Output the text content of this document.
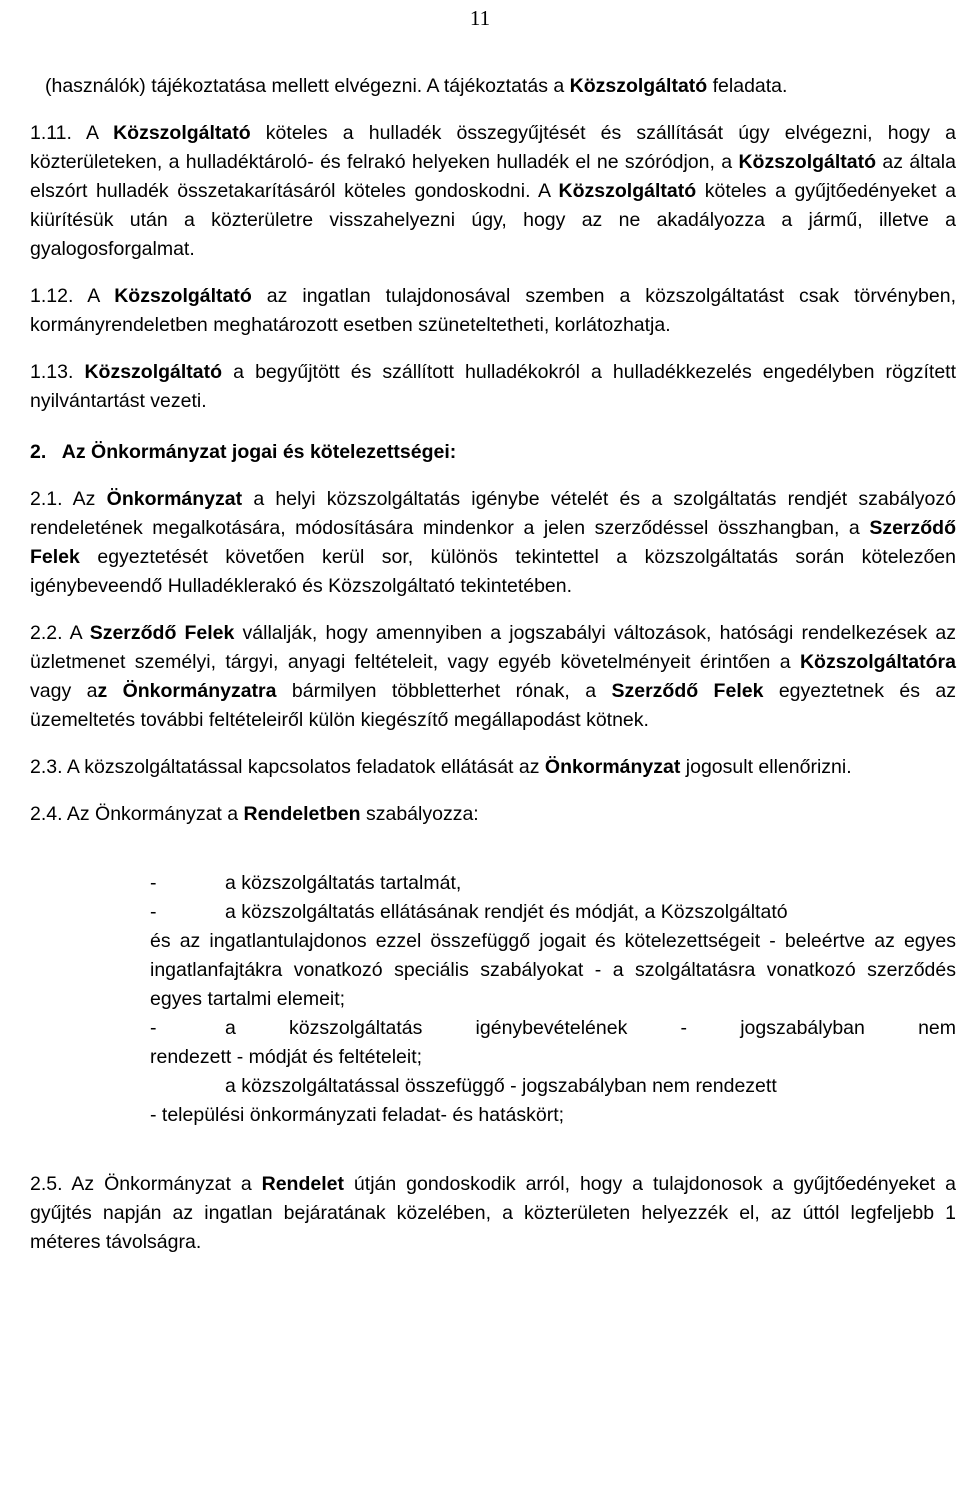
11

(használók) tájékoztatása mellett elvégezni. A tájékoztatás a Közszolgáltató feladata.

1.11. A Közszolgáltató köteles a hulladék összegyűjtését és szállítását úgy elvégezni, hogy a közterületeken, a hulladéktároló- és felrakó helyeken hulladék el ne szóródjon, a Közszolgáltató az általa elszórt hulladék összetakarításáról köteles gondoskodni. A Közszolgáltató köteles a gyűjtőedényeket a kiürítésük után a közterületre visszahelyezni úgy, hogy az ne akadályozza a jármű, illetve a gyalogosforgalmat.

1.12. A Közszolgáltató az ingatlan tulajdonosával szemben a közszolgáltatást csak törvényben, kormányrendeletben meghatározott esetben szüneteltetheti, korlátozhatja.

1.13. Közszolgáltató a begyűjtött és szállított hulladékokról a hulladékkezelés engedélyben rögzített nyilvántartást vezeti.

2.   Az Önkormányzat jogai és kötelezettségei:

2.1. Az Önkormányzat a helyi közszolgáltatás igénybe vételét és a szolgáltatás rendjét szabályozó rendeletének megalkotására, módosítására mindenkor a jelen szerződéssel összhangban, a Szerződő Felek egyeztetését követően kerül sor, különös tekintettel a közszolgáltatás során kötelezően igénybeveendő Hulladéklerakó és Közszolgáltató tekintetében.

2.2. A Szerződő Felek vállalják, hogy amennyiben a jogszabályi változások, hatósági rendelkezések az üzletmenet személyi, tárgyi, anyagi feltételeit, vagy egyéb követelményeit érintően a Közszolgáltatóra vagy az Önkormányzatra bármilyen többletterhet rónak, a Szerződő Felek egyeztetnek és az üzemeltetés további feltételeiről külön kiegészítő megállapodást kötnek.

2.3. A közszolgáltatással kapcsolatos feladatok ellátását az Önkormányzat jogosult ellenőrizni.

2.4. Az Önkormányzat a Rendeletben szabályozza:

-	a közszolgáltatás tartalmát,
-	a közszolgáltatás ellátásának rendjét és módját, a Közszolgáltató

és az ingatlantulajdonos ezzel összefüggő jogait és kötelezettségeit - beleértve az egyes ingatlanfajtákra vonatkozó speciális szabályokat - a szolgáltatásra vonatkozó szerződés egyes tartalmi elemeit;

-	a közszolgáltatás igénybevételének - jogszabályban nem

rendezett - módját és feltételeit;

a közszolgáltatással összefüggő - jogszabályban nem rendezett

- települési önkormányzati feladat- és hatáskört;

2.5. Az Önkormányzat a Rendelet útján gondoskodik arról, hogy a tulajdonosok a gyűjtőedényeket a gyűjtés napján az ingatlan bejáratának közelében, a közterületen helyezzék el, az úttól legfeljebb 1 méteres távolságra.
